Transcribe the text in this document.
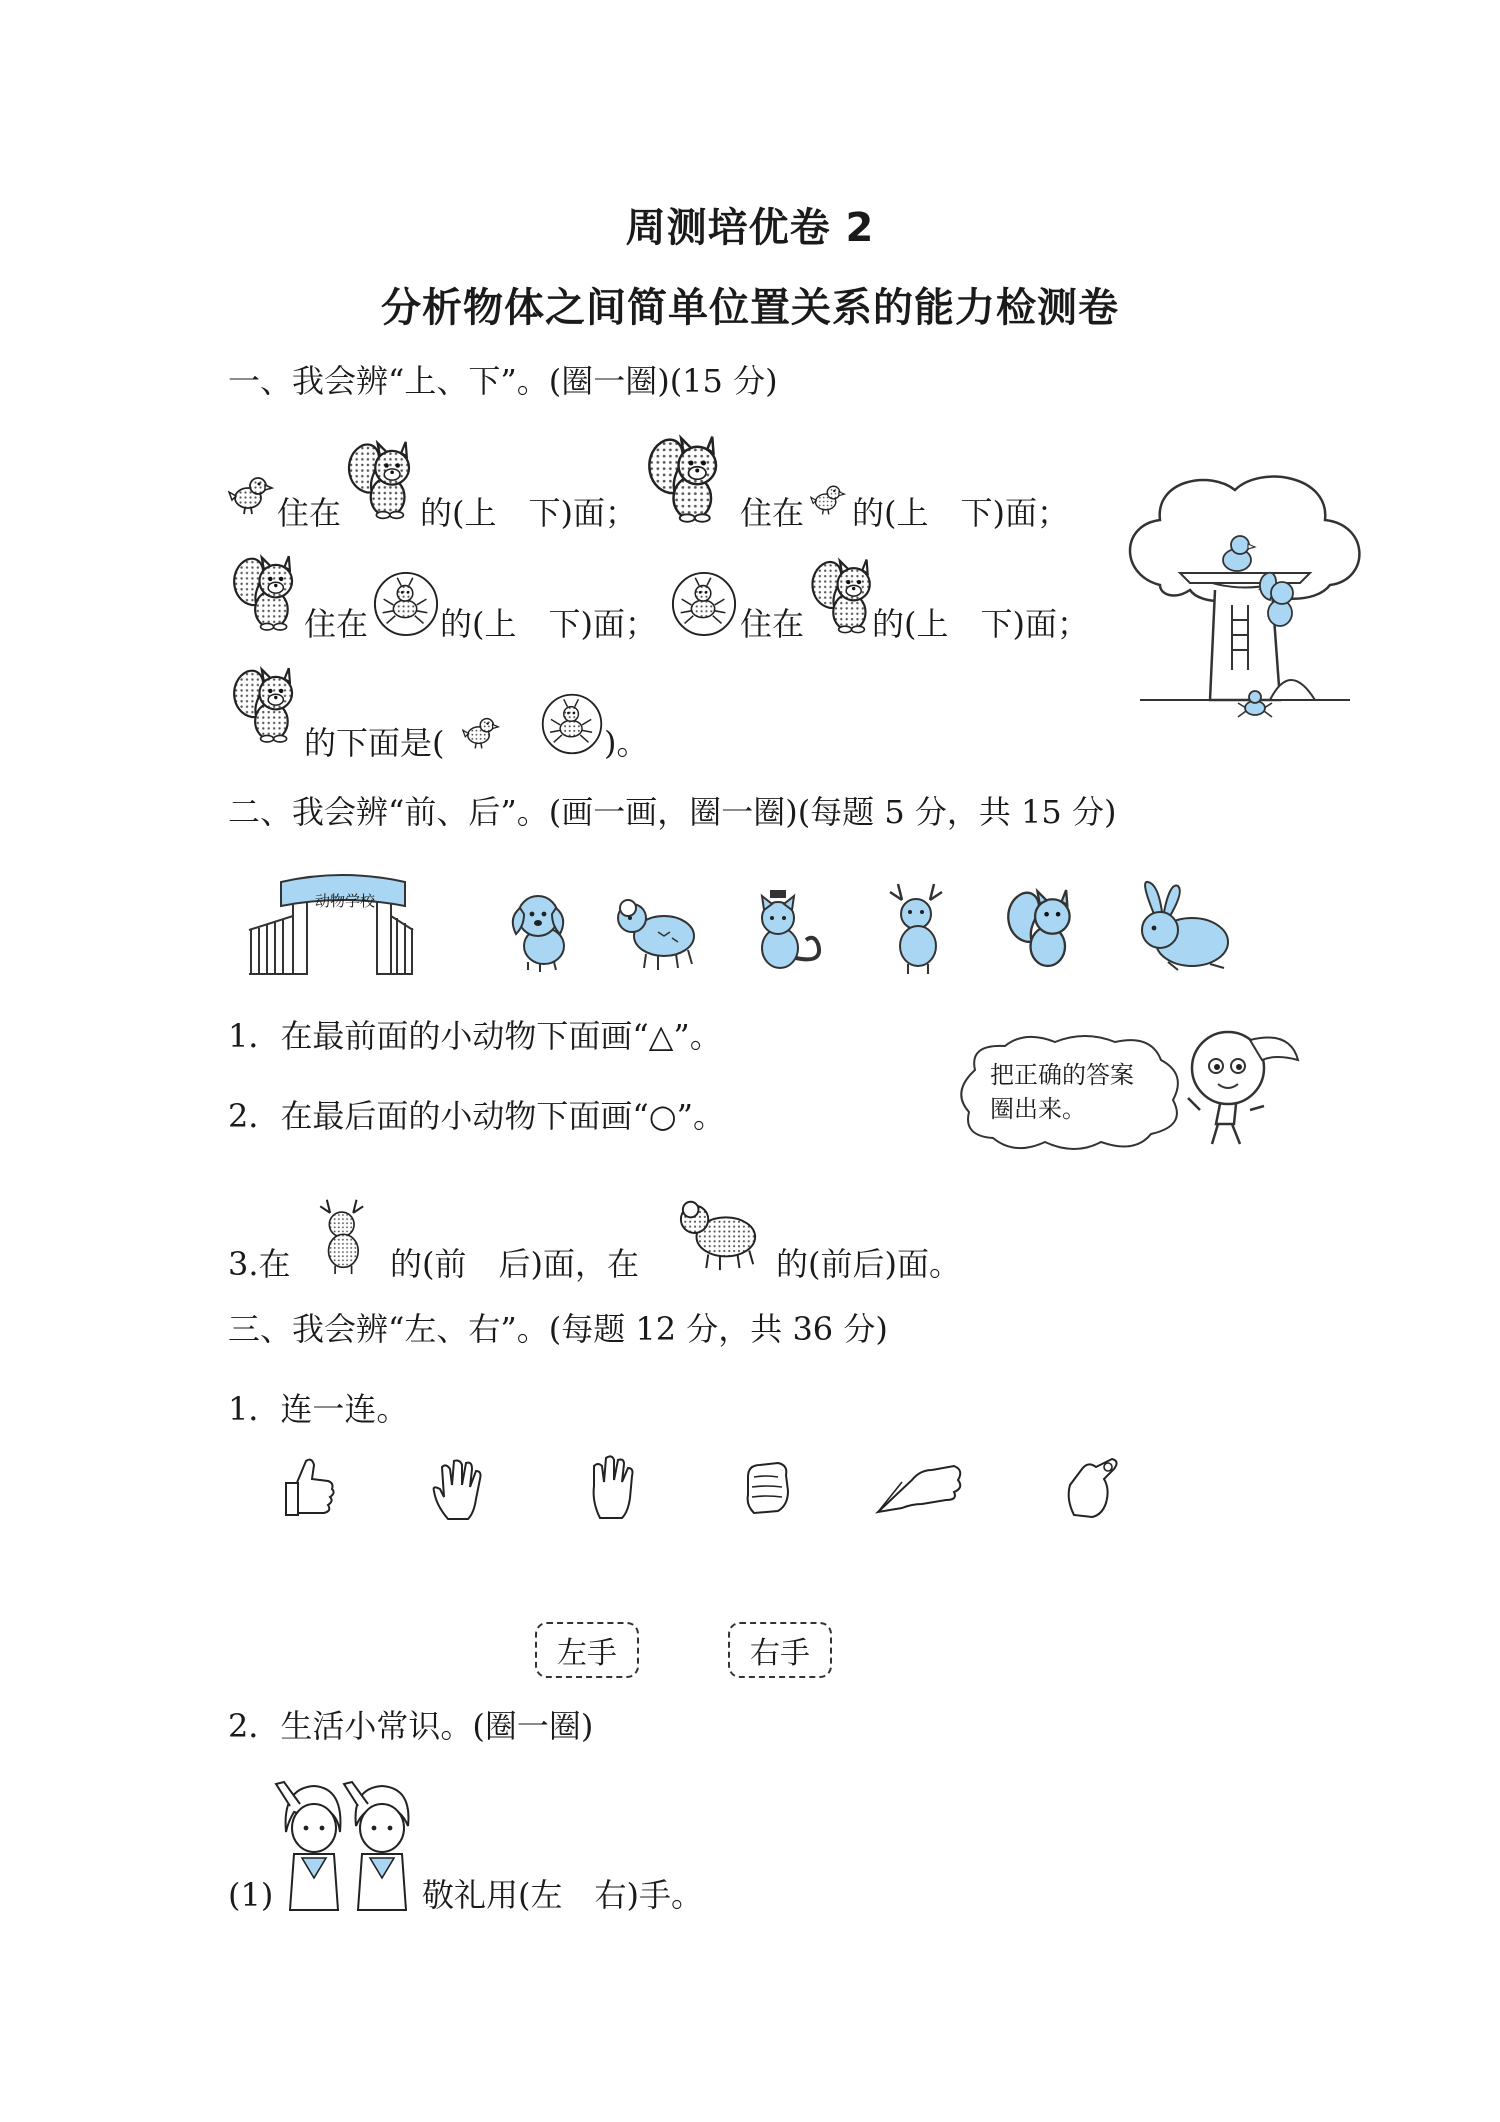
周测培优卷 2
分析物体之间简单位置关系的能力检测卷
一、我会辨“上、下”。(圈一圈)(15 分)
住在 的(上　下)面；	住在 的(上　下)面；
住在 的(上　下)面；	住在 的(上　下)面；
的下面是(	)。
二、我会辨“前、后”。(画一画，圈一圈)(每题 5 分，共 15 分)
动物学校
1．在最前面的小动物下面画“△”。
2．在最后面的小动物下面画“○”。
把正确的答案
圈出来。
3.在	的(前　后)面，在	的(前后)面。
三、我会辨“左、右”。(每题 12 分，共 36 分)
1．连一连。
左手	右手
2．生活小常识。(圈一圈)
(1)	敬礼用(左　右)手。
